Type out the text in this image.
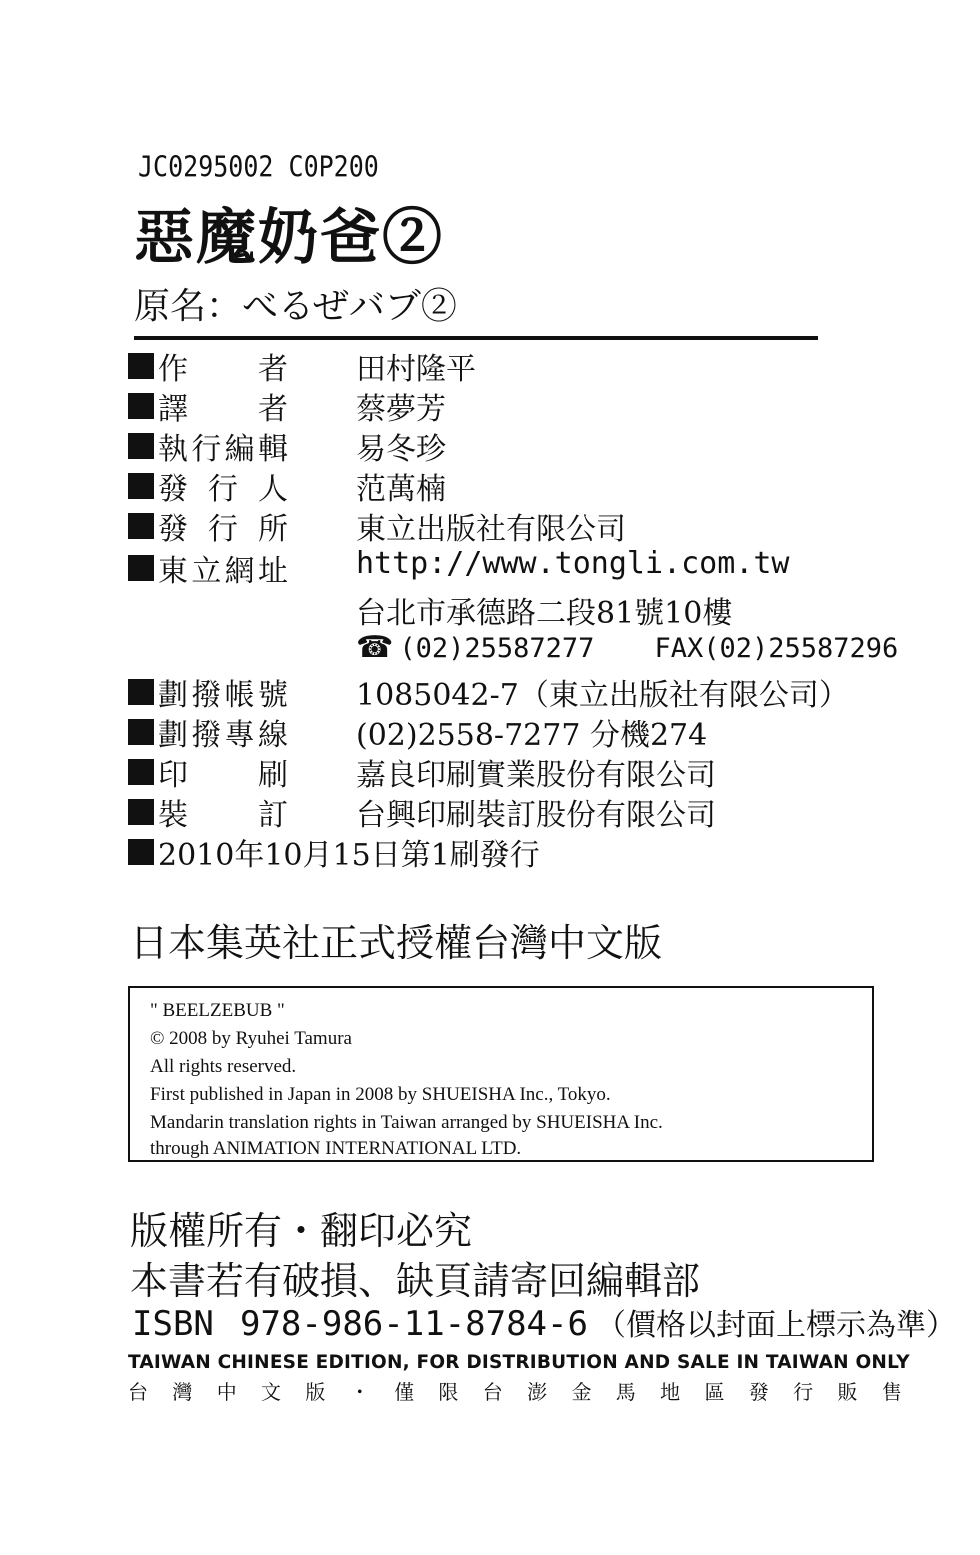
JC0295002 C0P200
惡魔奶爸②
原名：べるぜバブ②
作　者 田村隆平
譯　者 蔡夢芳
執行編輯 易冬珍
發行人 范萬楠
發行所 東立出版社有限公司
東立網址 http://www.tongli.com.tw
台北市承德路二段81號10樓
☎ (02)25587277 FAX(02)25587296
劃撥帳號 1085042-7（東立出版社有限公司）
劃撥專線 (02)2558-7277 分機274
印　刷 嘉良印刷實業股份有限公司
裝　訂 台興印刷裝訂股份有限公司
2010年10月15日第1刷發行
日本集英社正式授權台灣中文版
" BEELZEBUB "
© 2008 by Ryuhei Tamura
All rights reserved.
First published in Japan in 2008 by SHUEISHA Inc., Tokyo.
Mandarin translation rights in Taiwan arranged by SHUEISHA Inc.
through ANIMATION INTERNATIONAL LTD.
版權所有・翻印必究
本書若有破損、缺頁請寄回編輯部
ISBN 978-986-11-8784-6 （價格以封面上標示為準）
TAIWAN CHINESE EDITION, FOR DISTRIBUTION AND SALE IN TAIWAN ONLY
台 灣 中 文 版 ・ 僅 限 台 澎 金 馬 地 區 發 行 販 售
